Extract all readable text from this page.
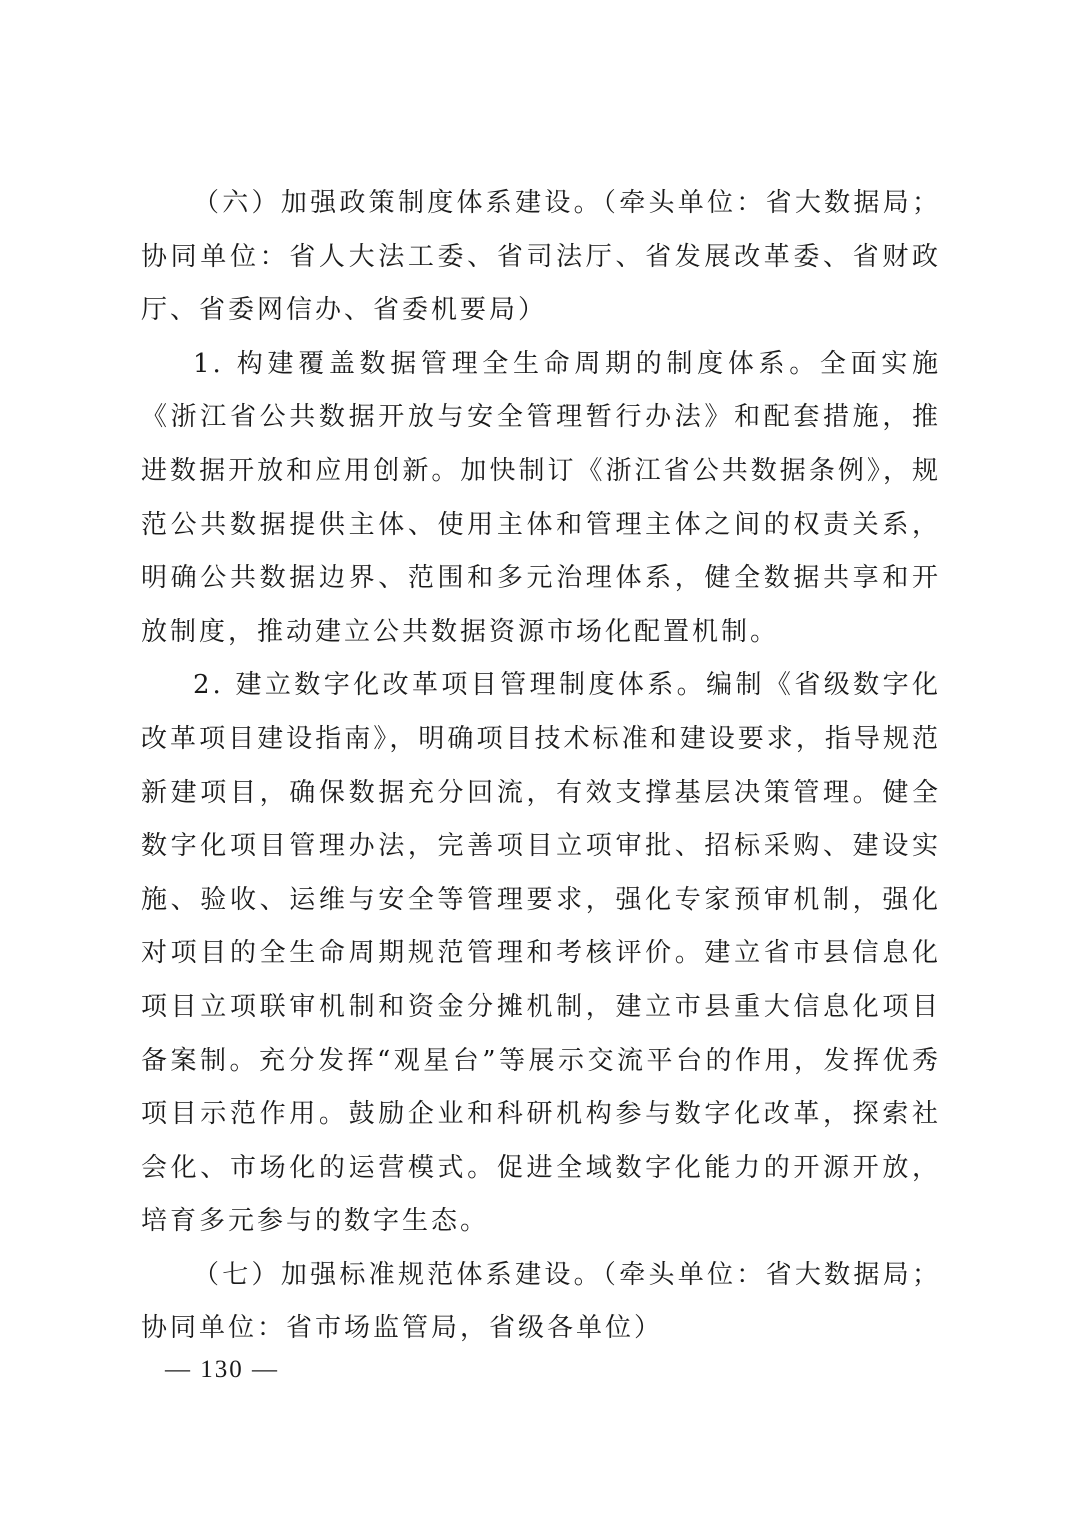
（六）加强政策制度体系建设。（牵头单位：省大数据局；协同单位：省人大法工委、省司法厅、省发展改革委、省财政厅、省委网信办、省委机要局）

1. 构建覆盖数据管理全生命周期的制度体系。全面实施《浙江省公共数据开放与安全管理暂行办法》和配套措施，推进数据开放和应用创新。加快制订《浙江省公共数据条例》，规范公共数据提供主体、使用主体和管理主体之间的权责关系，明确公共数据边界、范围和多元治理体系，健全数据共享和开放制度，推动建立公共数据资源市场化配置机制。

2. 建立数字化改革项目管理制度体系。编制《省级数字化改革项目建设指南》，明确项目技术标准和建设要求，指导规范新建项目，确保数据充分回流，有效支撑基层决策管理。健全数字化项目管理办法，完善项目立项审批、招标采购、建设实施、验收、运维与安全等管理要求，强化专家预审机制，强化对项目的全生命周期规范管理和考核评价。建立省市县信息化项目立项联审机制和资金分摊机制，建立市县重大信息化项目备案制。充分发挥“观星台”等展示交流平台的作用，发挥优秀项目示范作用。鼓励企业和科研机构参与数字化改革，探索社会化、市场化的运营模式。促进全域数字化能力的开源开放，培育多元参与的数字生态。

（七）加强标准规范体系建设。（牵头单位：省大数据局；协同单位：省市场监管局，省级各单位）

— 130 —
